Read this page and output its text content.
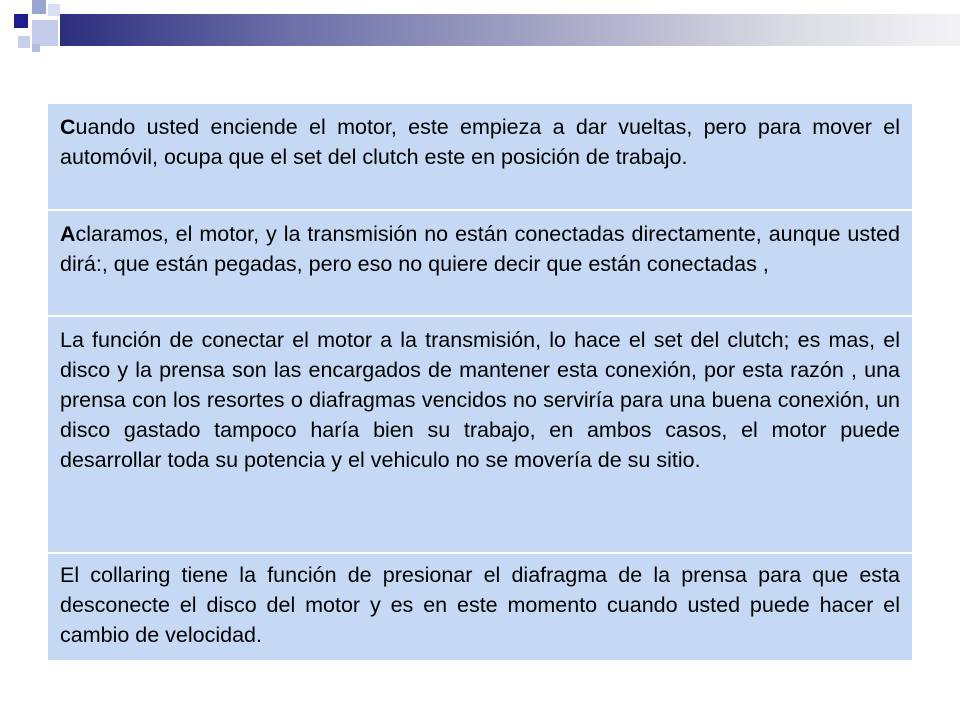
Cuando usted enciende el motor, este empieza a dar vueltas, pero para mover el automóvil, ocupa que el set del clutch este en posición de trabajo.
Aclaramos, el motor, y la transmisión no están conectadas directamente, aunque usted dirá:, que están pegadas, pero eso no quiere decir que están conectadas ,
La función de conectar el motor a la transmisión, lo hace el set del clutch; es mas, el disco y la prensa son las encargados de mantener esta conexión, por esta razón , una prensa con los resortes o diafragmas vencidos no serviría para una buena conexión, un disco gastado tampoco haría bien su trabajo, en ambos casos, el motor puede desarrollar toda su potencia y el vehiculo no se movería de su sitio.
El collaring tiene la función de presionar el diafragma de la prensa para que esta desconecte el disco del motor y es en este momento cuando usted puede hacer el cambio de velocidad.
